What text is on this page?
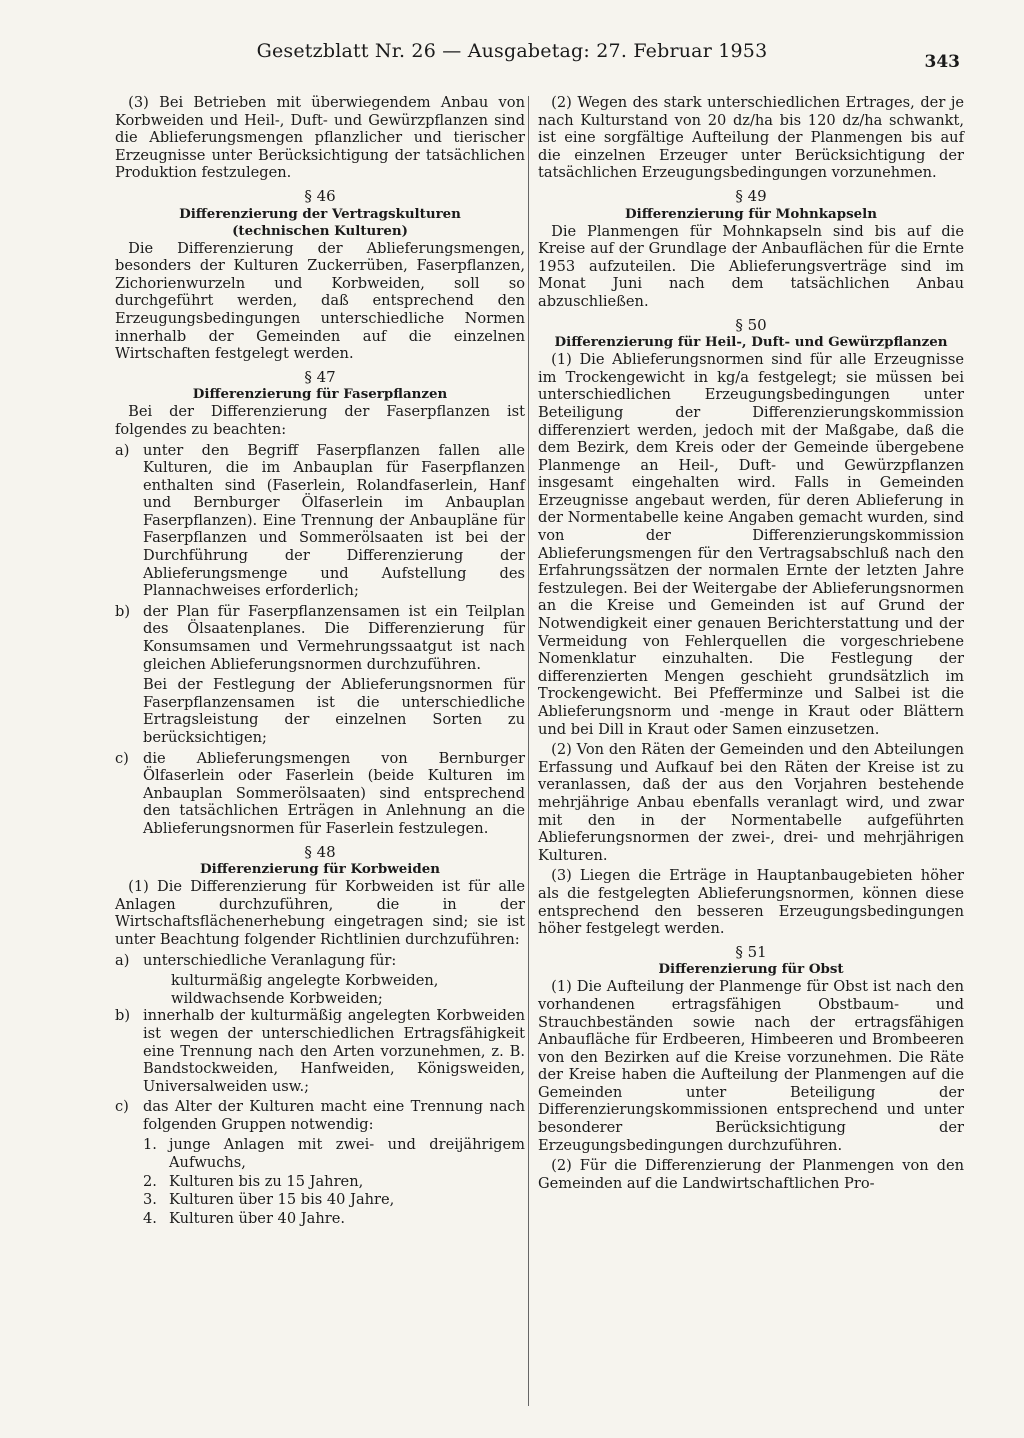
Gesetzblatt Nr. 26 — Ausgabetag: 27. Februar 1953	343

(3) Bei Betrieben mit überwiegendem Anbau von Korbweiden und Heil-, Duft- und Gewürzpflanzen sind die Ablieferungsmengen pflanzlicher und tierischer Erzeugnisse unter Berücksichtigung der tatsächlichen Produktion festzulegen.

§ 46
Differenzierung der Vertragskulturen
(technischen Kulturen)

Die Differenzierung der Ablieferungsmengen, besonders der Kulturen Zuckerrüben, Faserpflanzen, Zichorienwurzeln und Korbweiden, soll so durchgeführt werden, daß entsprechend den Erzeugungsbedingungen unterschiedliche Normen innerhalb der Gemeinden auf die einzelnen Wirtschaften festgelegt werden.

§ 47
Differenzierung für Faserpflanzen

Bei der Differenzierung der Faserpflanzen ist folgendes zu beachten:

a) unter den Begriff Faserpflanzen fallen alle Kulturen, die im Anbauplan für Faserpflanzen enthalten sind (Faserlein, Rolandfaserlein, Hanf und Bernburger Ölfaserlein im Anbauplan Faserpflanzen). Eine Trennung der Anbaupläne für Faserpflanzen und Sommerölsaaten ist bei der Durchführung der Differenzierung der Ablieferungsmenge und Aufstellung des Plannachweises erforderlich;
b) der Plan für Faserpflanzensamen ist ein Teilplan des Ölsaatenplanes. Die Differenzierung für Konsumsamen und Vermehrungssaatgut ist nach gleichen Ablieferungsnormen durchzuführen.

Bei der Festlegung der Ablieferungsnormen für Faserpflanzensamen ist die unterschiedliche Ertragsleistung der einzelnen Sorten zu berücksichtigen;

c) die Ablieferungsmengen von Bernburger Ölfaserlein oder Faserlein (beide Kulturen im Anbauplan Sommerölsaaten) sind entsprechend den tatsächlichen Erträgen in Anlehnung an die Ablieferungsnormen für Faserlein festzulegen.
§ 48
Differenzierung für Korbweiden

(1) Die Differenzierung für Korbweiden ist für alle Anlagen durchzuführen, die in der Wirtschaftsflächenerhebung eingetragen sind; sie ist unter Beachtung folgender Richtlinien durchzuführen:

a) unterschiedliche Veranlagung für:
kulturmäßig angelegte Korbweiden,
wildwachsende Korbweiden;
b) innerhalb der kulturmäßig angelegten Korbweiden ist wegen der unterschiedlichen Ertragsfähigkeit eine Trennung nach den Arten vorzunehmen, z. B. Bandstockweiden, Hanfweiden, Königsweiden, Universalweiden usw.;
c) das Alter der Kulturen macht eine Trennung nach folgenden Gruppen notwendig:
1. junge Anlagen mit zwei- und dreijährigem Aufwuchs,
2. Kulturen bis zu 15 Jahren,
3. Kulturen über 15 bis 40 Jahre,
4. Kulturen über 40 Jahre.

(2) Wegen des stark unterschiedlichen Ertrages, der je nach Kulturstand von 20 dz/ha bis 120 dz/ha schwankt, ist eine sorgfältige Aufteilung der Planmengen bis auf die einzelnen Erzeuger unter Berücksichtigung der tatsächlichen Erzeugungsbedingungen vorzunehmen.

§ 49
Differenzierung für Mohnkapseln

Die Planmengen für Mohnkapseln sind bis auf die Kreise auf der Grundlage der Anbauflächen für die Ernte 1953 aufzuteilen. Die Ablieferungsverträge sind im Monat Juni nach dem tatsächlichen Anbau abzuschließen.

§ 50
Differenzierung für Heil-, Duft- und Gewürzpflanzen

(1) Die Ablieferungsnormen sind für alle Erzeugnisse im Trockengewicht in kg/a festgelegt; sie müssen bei unterschiedlichen Erzeugungsbedingungen unter Beteiligung der Differenzierungskommission differenziert werden, jedoch mit der Maßgabe, daß die dem Bezirk, dem Kreis oder der Gemeinde übergebene Planmenge an Heil-, Duft- und Gewürzpflanzen insgesamt eingehalten wird. Falls in Gemeinden Erzeugnisse angebaut werden, für deren Ablieferung in der Normentabelle keine Angaben gemacht wurden, sind von der Differenzierungskommission Ablieferungsmengen für den Vertragsabschluß nach den Erfahrungssätzen der normalen Ernte der letzten Jahre festzulegen. Bei der Weitergabe der Ablieferungsnormen an die Kreise und Gemeinden ist auf Grund der Notwendigkeit einer genauen Berichterstattung und der Vermeidung von Fehlerquellen die vorgeschriebene Nomenklatur einzuhalten. Die Festlegung der differenzierten Mengen geschieht grundsätzlich im Trockengewicht. Bei Pfefferminze und Salbei ist die Ablieferungsnorm und -menge in Kraut oder Blättern und bei Dill in Kraut oder Samen einzusetzen.

(2) Von den Räten der Gemeinden und den Abteilungen Erfassung und Aufkauf bei den Räten der Kreise ist zu veranlassen, daß der aus den Vorjahren bestehende mehrjährige Anbau ebenfalls veranlagt wird, und zwar mit den in der Normentabelle aufgeführten Ablieferungsnormen der zwei-, drei- und mehrjährigen Kulturen.

(3) Liegen die Erträge in Hauptanbaugebieten höher als die festgelegten Ablieferungsnormen, können diese entsprechend den besseren Erzeugungsbedingungen höher festgelegt werden.

§ 51
Differenzierung für Obst

(1) Die Aufteilung der Planmenge für Obst ist nach den vorhandenen ertragsfähigen Obstbaum- und Strauchbeständen sowie nach der ertragsfähigen Anbaufläche für Erdbeeren, Himbeeren und Brombeeren von den Bezirken auf die Kreise vorzunehmen. Die Räte der Kreise haben die Aufteilung der Planmengen auf die Gemeinden unter Beteiligung der Differenzierungskommissionen entsprechend und unter besonderer Berücksichtigung der Erzeugungsbedingungen durchzuführen.

(2) Für die Differenzierung der Planmengen von den Gemeinden auf die Landwirtschaftlichen Pro-
